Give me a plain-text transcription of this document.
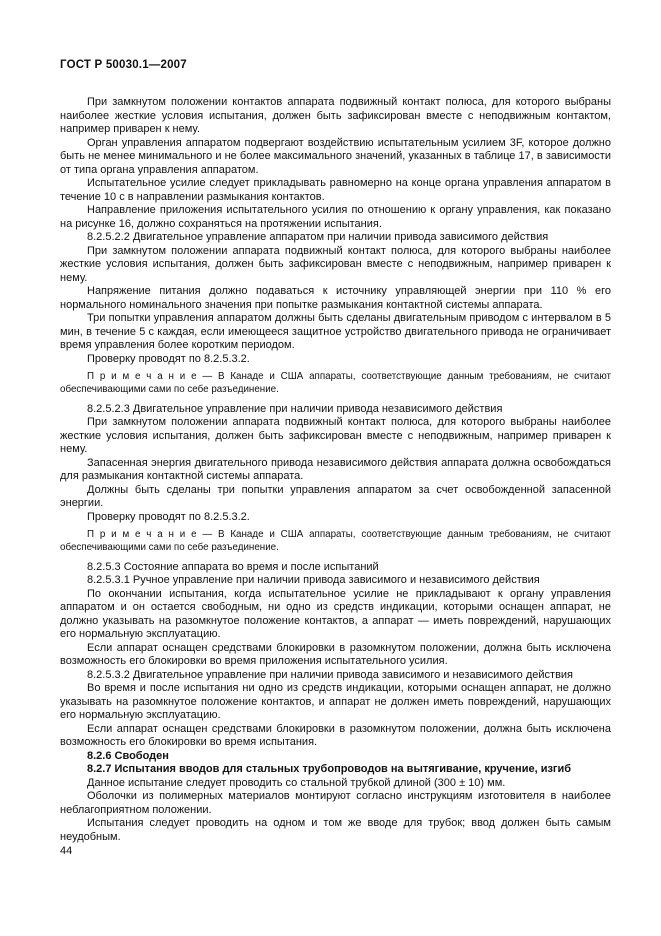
ГОСТ Р 50030.1—2007

При замкнутом положении контактов аппарата подвижный контакт полюса, для которого выбраны наиболее жесткие условия испытания, должен быть зафиксирован вместе с неподвижным контактом, например приварен к нему.

Орган управления аппаратом подвергают воздействию испытательным усилием 3F, которое должно быть не менее минимального и не более максимального значений, указанных в таблице 17, в зависимости от типа органа управления аппаратом.

Испытательное усилие следует прикладывать равномерно на конце органа управления аппаратом в течение 10 с в направлении размыкания контактов.

Направление приложения испытательного усилия по отношению к органу управления, как показано на рисунке 16, должно сохраняться на протяжении испытания.

8.2.5.2.2 Двигательное управление аппаратом при наличии привода зависимого действия

При замкнутом положении аппарата подвижный контакт полюса, для которого выбраны наиболее жесткие условия испытания, должен быть зафиксирован вместе с неподвижным, например приварен к нему.

Напряжение питания должно подаваться к источнику управляющей энергии при 110 % его нормального номинального значения при попытке размыкания контактной системы аппарата.

Три попытки управления аппаратом должны быть сделаны двигательным приводом с интервалом в 5 мин, в течение 5 с каждая, если имеющееся защитное устройство двигательного привода не ограничивает время управления более коротким периодом.

Проверку проводят по 8.2.5.3.2.

П р и м е ч а н и е — В Канаде и США аппараты, соответствующие данным требованиям, не считают обеспечивающими сами по себе разъединение.

8.2.5.2.3 Двигательное управление при наличии привода независимого действия

При замкнутом положении аппарата подвижный контакт полюса, для которого выбраны наиболее жесткие условия испытания, должен быть зафиксирован вместе с неподвижным, например приварен к нему.

Запасенная энергия двигательного привода независимого действия аппарата должна освобождаться для размыкания контактной системы аппарата.

Должны быть сделаны три попытки управления аппаратом за счет освобожденной запасенной энергии.

Проверку проводят по 8.2.5.3.2.

П р и м е ч а н и е — В Канаде и США аппараты, соответствующие данным требованиям, не считают обеспечивающими сами по себе разъединение.

8.2.5.3 Состояние аппарата во время и после испытаний

8.2.5.3.1 Ручное управление при наличии привода зависимого и независимого действия

По окончании испытания, когда испытательное усилие не прикладывают к органу управления аппаратом и он остается свободным, ни одно из средств индикации, которыми оснащен аппарат, не должно указывать на разомкнутое положение контактов, а аппарат — иметь повреждений, нарушающих его нормальную эксплуатацию.

Если аппарат оснащен средствами блокировки в разомкнутом положении, должна быть исключена возможность его блокировки во время приложения испытательного усилия.

8.2.5.3.2 Двигательное управление при наличии привода зависимого и независимого действия

Во время и после испытания ни одно из средств индикации, которыми оснащен аппарат, не должно указывать на разомкнутое положение контактов, и аппарат не должен иметь повреждений, нарушающих его нормальную эксплуатацию.

Если аппарат оснащен средствами блокировки в разомкнутом положении, должна быть исключена возможность его блокировки во время испытания.

8.2.6 Свободен

8.2.7 Испытания вводов для стальных трубопроводов на вытягивание, кручение, изгиб

Данное испытание следует проводить со стальной трубкой длиной (300 ± 10) мм.

Оболочки из полимерных материалов монтируют согласно инструкциям изготовителя в наиболее неблагоприятном положении.

Испытания следует проводить на одном и том же вводе для трубок; ввод должен быть самым неудобным.

44
